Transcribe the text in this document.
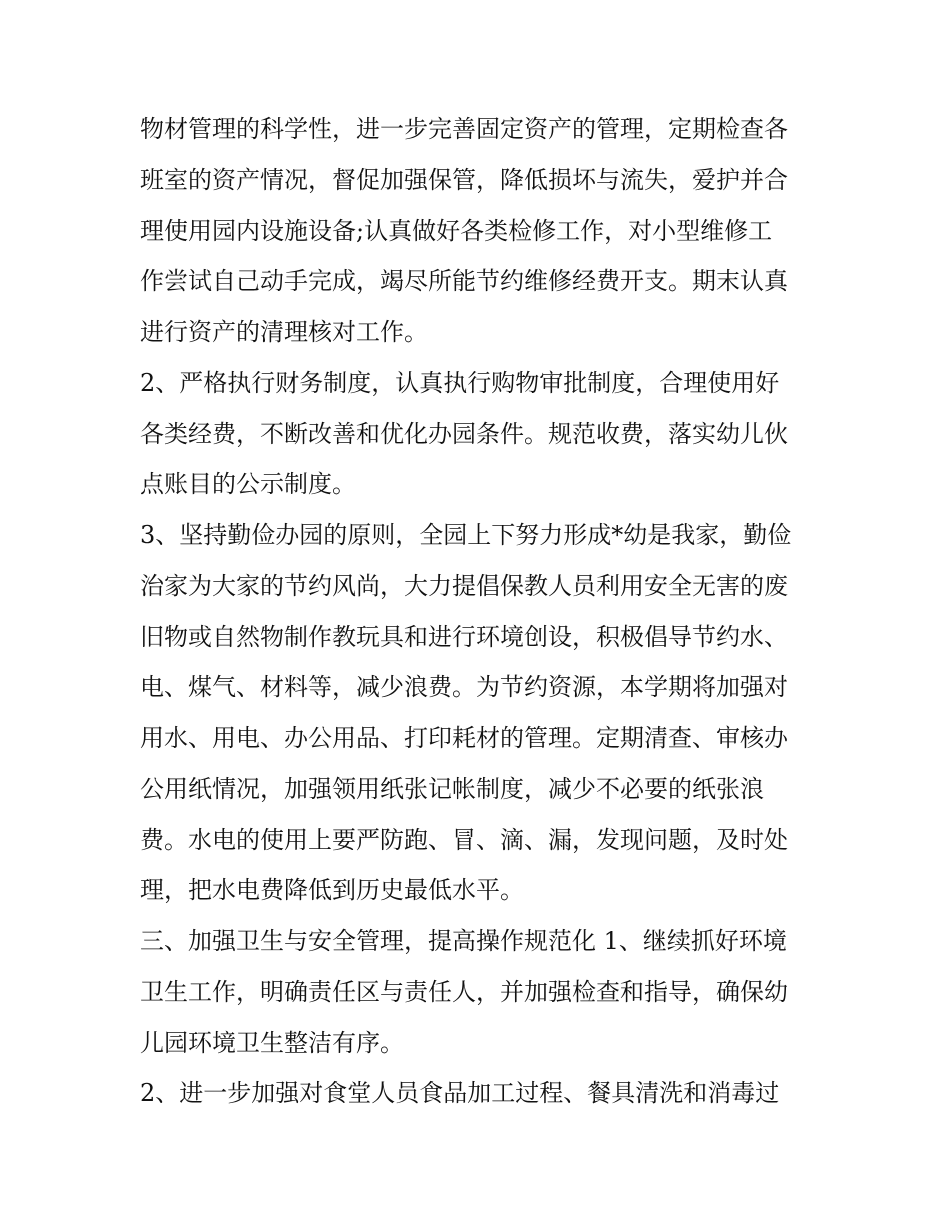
物材管理的科学性，进一步完善固定资产的管理，定期检查各
班室的资产情况，督促加强保管，降低损坏与流失，爱护并合
理使用园内设施设备;认真做好各类检修工作，对小型维修工
作尝试自己动手完成，竭尽所能节约维修经费开支。期末认真
进行资产的清理核对工作。
2、严格执行财务制度，认真执行购物审批制度，合理使用好
各类经费，不断改善和优化办园条件。规范收费，落实幼儿伙
点账目的公示制度。
3、坚持勤俭办园的原则，全园上下努力形成*幼是我家，勤俭
治家为大家的节约风尚，大力提倡保教人员利用安全无害的废
旧物或自然物制作教玩具和进行环境创设，积极倡导节约水、
电、煤气、材料等，减少浪费。为节约资源，本学期将加强对
用水、用电、办公用品、打印耗材的管理。定期清查、审核办
公用纸情况，加强领用纸张记帐制度，减少不必要的纸张浪
费。水电的使用上要严防跑、冒、滴、漏，发现问题，及时处
理，把水电费降低到历史最低水平。
三、加强卫生与安全管理，提高操作规范化 1、继续抓好环境
卫生工作，明确责任区与责任人，并加强检查和指导，确保幼
儿园环境卫生整洁有序。
2、进一步加强对食堂人员食品加工过程、餐具清洗和消毒过
